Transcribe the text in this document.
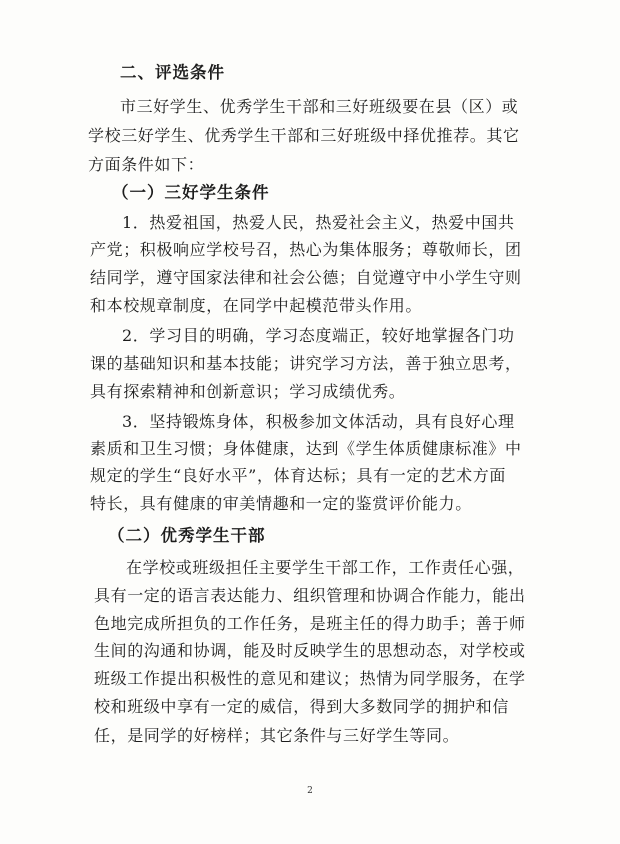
二、评选条件
市三好学生、优秀学生干部和三好班级要在县（区）或
学校三好学生、优秀学生干部和三好班级中择优推荐。其它
方面条件如下：
（一）三好学生条件
1．热爱祖国，热爱人民，热爱社会主义，热爱中国共
产党；积极响应学校号召，热心为集体服务；尊敬师长，团
结同学，遵守国家法律和社会公德；自觉遵守中小学生守则
和本校规章制度，在同学中起模范带头作用。
2．学习目的明确，学习态度端正，较好地掌握各门功
课的基础知识和基本技能；讲究学习方法，善于独立思考，
具有探索精神和创新意识；学习成绩优秀。
3．坚持锻炼身体，积极参加文体活动，具有良好心理
素质和卫生习惯；身体健康，达到《学生体质健康标准》中
规定的学生“良好水平”，体育达标；具有一定的艺术方面
特长，具有健康的审美情趣和一定的鉴赏评价能力。
（二）优秀学生干部
在学校或班级担任主要学生干部工作，工作责任心强，
具有一定的语言表达能力、组织管理和协调合作能力，能出
色地完成所担负的工作任务，是班主任的得力助手；善于师
生间的沟通和协调，能及时反映学生的思想动态，对学校或
班级工作提出积极性的意见和建议；热情为同学服务，在学
校和班级中享有一定的威信，得到大多数同学的拥护和信
任，是同学的好榜样；其它条件与三好学生等同。
2
